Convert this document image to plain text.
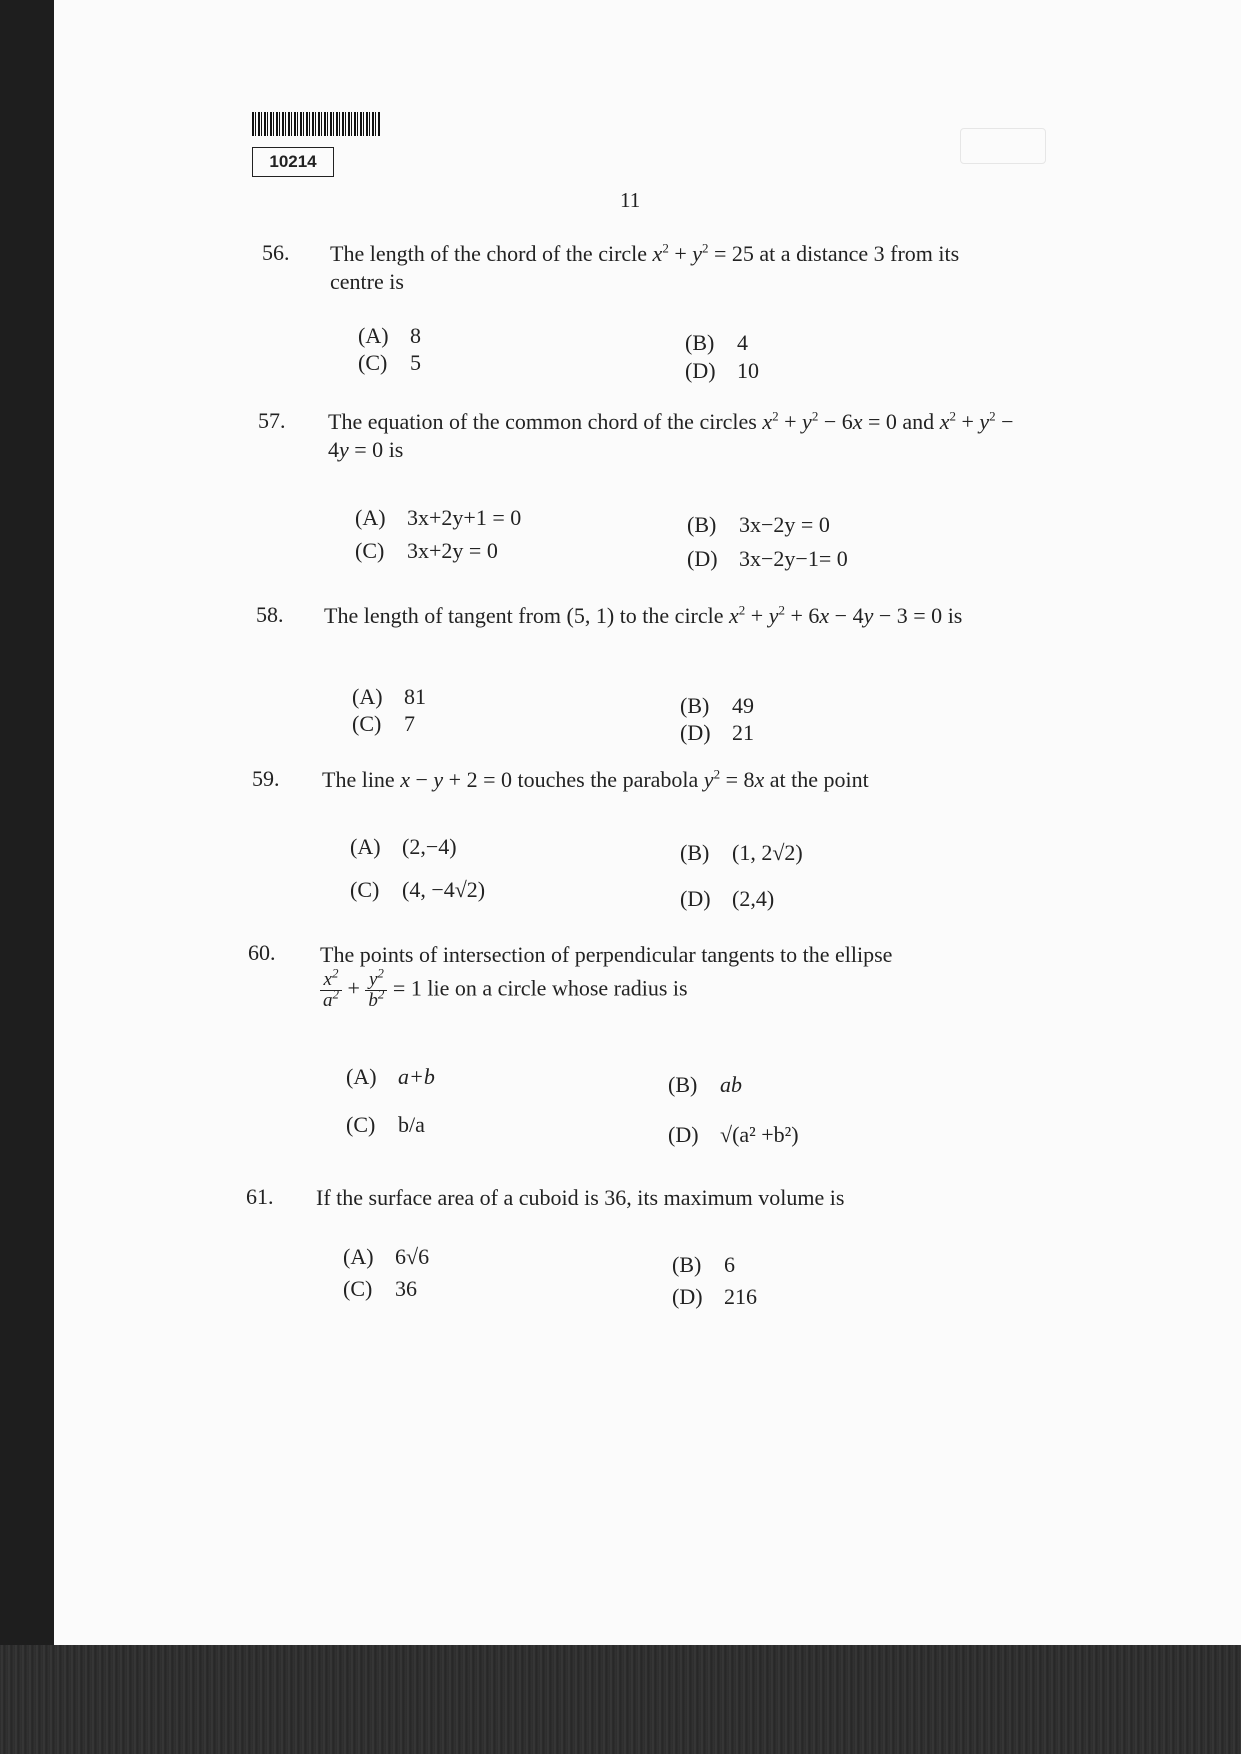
10214
11
56. The length of the chord of the circle $x^2 + y^2 = 25$ at a distance 3 from its centre is
(A) 8	(B) 4
(C) 5	(D) 10
57. The equation of the common chord of the circles $x^2 + y^2 - 6x = 0$ and $x^2 + y^2 - 4y = 0$ is
(A) 3x+2y+1 = 0	(B) 3x−2y = 0
(C) 3x+2y = 0	(D) 3x−2y−1= 0
58. The length of tangent from (5, 1) to the circle $x^2 + y^2 + 6x - 4y - 3 = 0$ is
(A) 81	(B) 49
(C) 7	(D) 21
59. The line x − y + 2 = 0 touches the parabola $y^2 = 8x$ at the point
(A) (2,−4)	(B) (1, 2√2)
(C) (4, −4√2)	(D) (2,4)
60. The points of intersection of perpendicular tangents to the ellipse

$\frac{x^2}{a^2} + \frac{y^2}{b^2} = 1$ lie on a circle whose radius is
(A) a+b	(B) ab
(C) b/a	(D) √(a² +b²)
61. If the surface area of a cuboid is 36, its maximum volume is
(A) 6√6	(B) 6
(C) 36	(D) 216
